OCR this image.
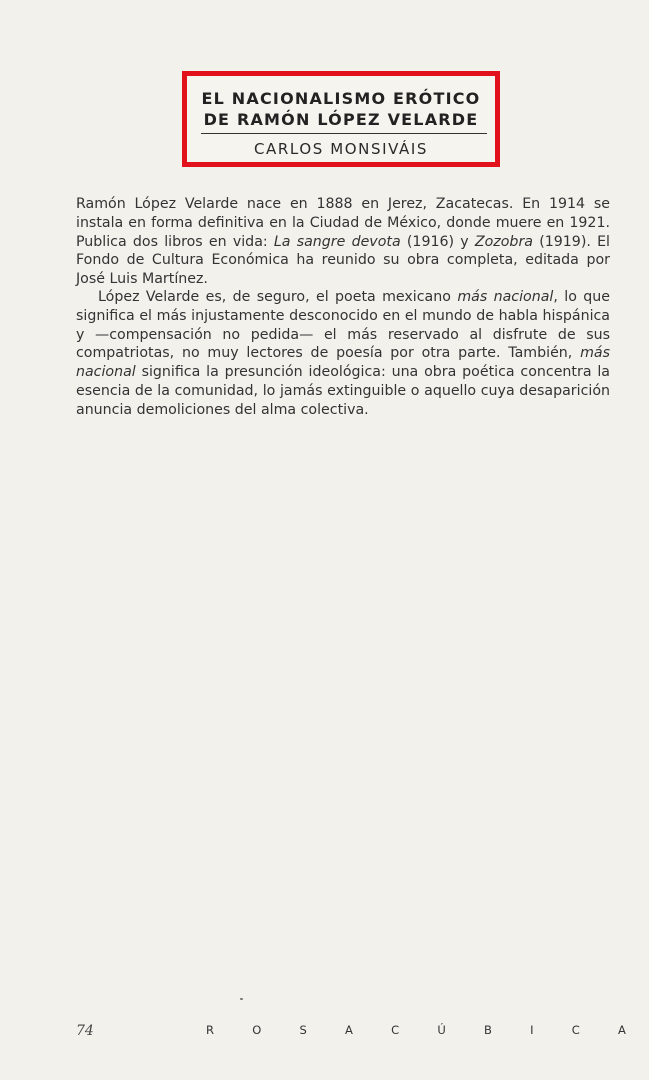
EL NACIONALISMO ERÓTICO
DE RAMÓN LÓPEZ VELARDE
CARLOS MONSIVÁIS

Ramón López Velarde nace en 1888 en Jerez, Zacatecas. En 1914 se instala en forma definitiva en la Ciudad de México, donde muere en 1921. Publica dos libros en vida: La sangre devota (1916) y Zozobra (1919). El Fondo de Cultura Económica ha reunido su obra completa, editada por José Luis Martínez.

López Velarde es, de seguro, el poeta mexicano más nacional, lo que significa el más injustamente desconocido en el mundo de habla hispánica y —compensación no pedida— el más reservado al disfrute de sus compatriotas, no muy lectores de poesía por otra parte. También, más nacional significa la presunción ideológica: una obra poética concentra la esencia de la comunidad, lo jamás extinguible o aquello cuya desaparición anuncia demoliciones del alma colectiva.

74	R	O	S	A	C	Ú	B	I	C	A
